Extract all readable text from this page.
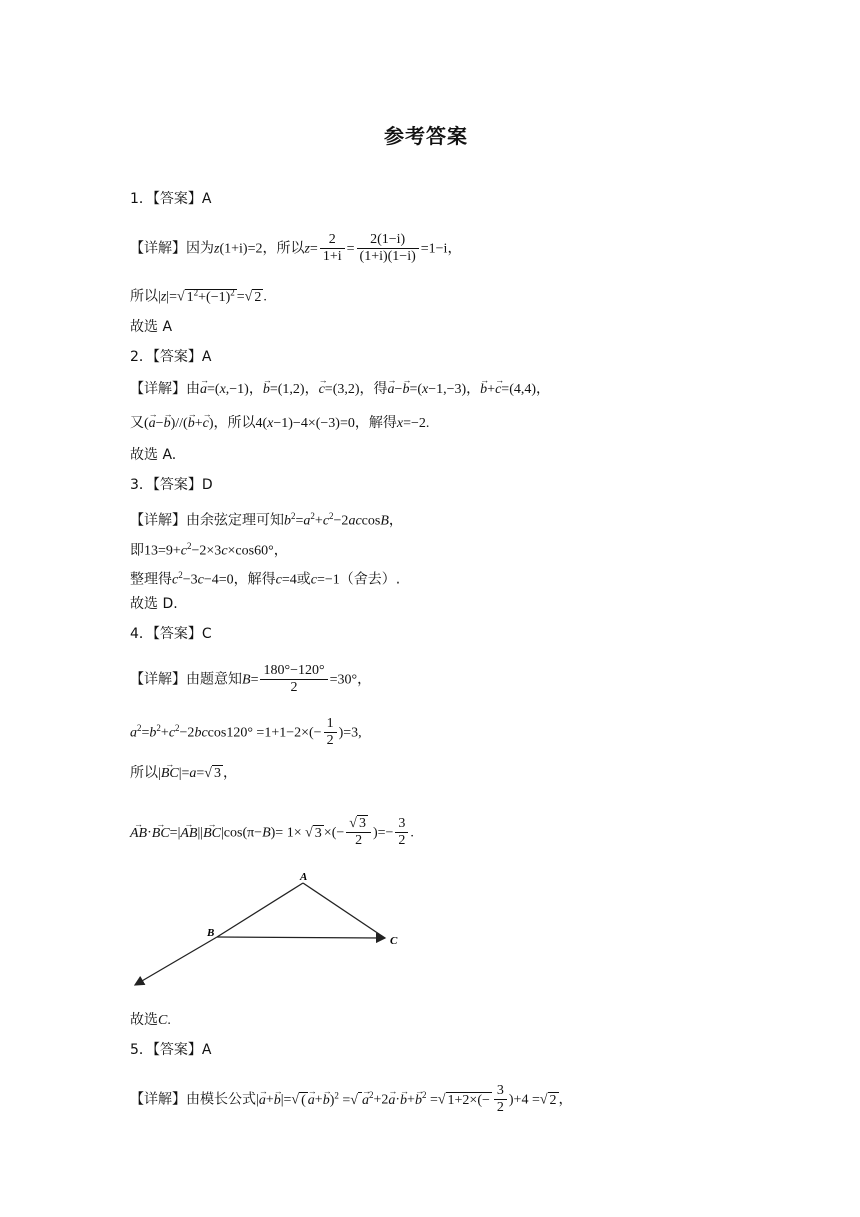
参考答案
1．【答案】A
【详解】因为z(1+i)=2，所以$z= \frac{2}{1+i} = \frac{2(1-i)}{(1+i)(1-i)} =1-i$，
所以|z|=√ $1^2+(-1)^2$ =√ 2 .
故选 A
2．【答案】A
【详解】由→ a=(x,−1)，→ b=(1,2)，→ c=(3,2)，得→ a−→ b=(x−1,−3)，→ b+→ c=(4,4)，
又(→ a−→ b)//(→ b+→ c)，所以4(x−1)−4×(−3)=0，解得x=−2.
故选 A.
3．【答案】D
【详解】由余弦定理可知$b^2=a^2+c^2-2accosB$，
即$13=9+c^2-2\times 3c\times\cos 60^\circ$，
整理得$c^2-3c-4=0$，解得c=4或c=−1（舍去）.
故选 D.
4．【答案】C
【详解】由题意知$B= \frac{180^\circ-120^\circ}{2} =30^\circ$，
$a^2=b^2+c^2-2bccos120^\circ =1+1-2\times(- \frac{1}{2} )=3$,
所以|→ BC|=a=√ 3 ，
→ AB·→ BC=|→ AB||→ BC|cos(π−B)= 1× √ 3 ×(− $\frac{√ 3}{2}$ )=− $\frac{3}{2}$ .
A
B
C
故选C.
5．【答案】A
【详解】由模长公式|→ a+→ b|=√ ( → a+→ b)$^2$ =√ → $a^2+2\to a\cdot\to b+\to b^2$ =√ $1+2\times(- \frac{3}{2} )+4$ =√ 2 ，
